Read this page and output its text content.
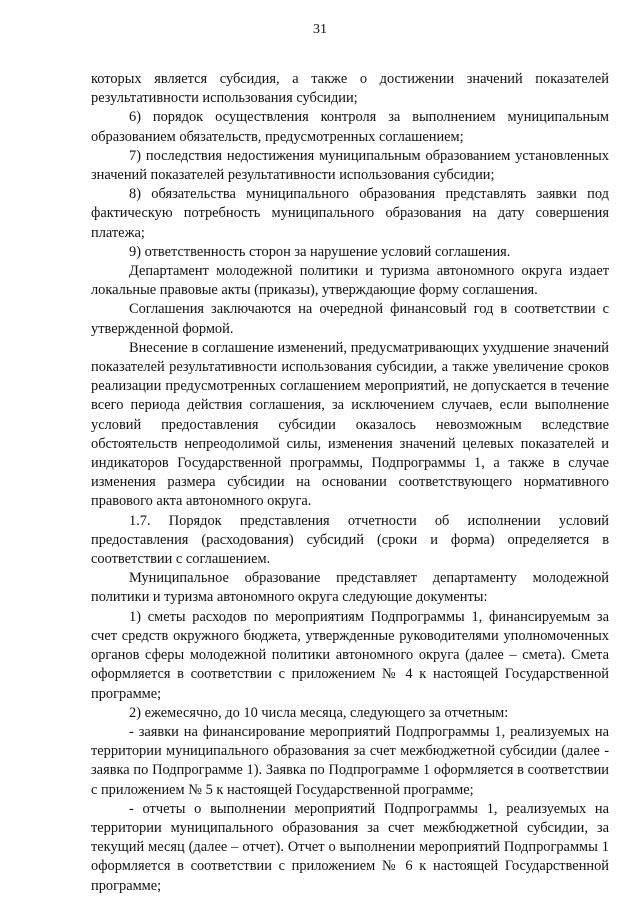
31

которых является субсидия, а также о достижении значений показателей результативности использования субсидии;

6) порядок осуществления контроля за выполнением муниципальным образованием обязательств, предусмотренных соглашением;

7) последствия недостижения муниципальным образованием установленных значений показателей результативности использования субсидии;

8) обязательства муниципального образования представлять заявки под фактическую потребность муниципального образования на дату совершения платежа;

9) ответственность сторон за нарушение условий соглашения.

Департамент молодежной политики и туризма автономного округа издает локальные правовые акты (приказы), утверждающие форму соглашения.

Соглашения заключаются на очередной финансовый год в соответствии с утвержденной формой.

Внесение в соглашение изменений, предусматривающих ухудшение значений показателей результативности использования субсидии, а также увеличение сроков реализации предусмотренных соглашением мероприятий, не допускается в течение всего периода действия соглашения, за исключением случаев, если выполнение условий предоставления субсидии оказалось невозможным вследствие обстоятельств непреодолимой силы, изменения значений целевых показателей и индикаторов Государственной программы, Подпрограммы 1, а также в случае изменения размера субсидии на основании соответствующего нормативного правового акта автономного округа.

1.7. Порядок представления отчетности об исполнении условий предоставления (расходования) субсидий (сроки и форма) определяется в соответствии с соглашением.

Муниципальное образование представляет департаменту молодежной политики и туризма автономного округа следующие документы:

1) сметы расходов по мероприятиям Подпрограммы 1, финансируемым за счет средств окружного бюджета, утвержденные руководителями уполномоченных органов сферы молодежной политики автономного округа (далее – смета). Смета оформляется в соответствии с приложением № 4 к настоящей Государственной программе;

2) ежемесячно, до 10 числа месяца, следующего за отчетным:

- заявки на финансирование мероприятий Подпрограммы 1, реализуемых на территории муниципального образования за счет межбюджетной субсидии (далее - заявка по Подпрограмме 1). Заявка по Подпрограмме 1 оформляется в соответствии с приложением № 5 к настоящей Государственной программе;

- отчеты о выполнении мероприятий Подпрограммы 1, реализуемых на территории муниципального образования за счет межбюджетной субсидии, за текущий месяц (далее – отчет). Отчет о выполнении мероприятий Подпрограммы 1 оформляется в соответствии с приложением № 6 к настоящей Государственной программе;
